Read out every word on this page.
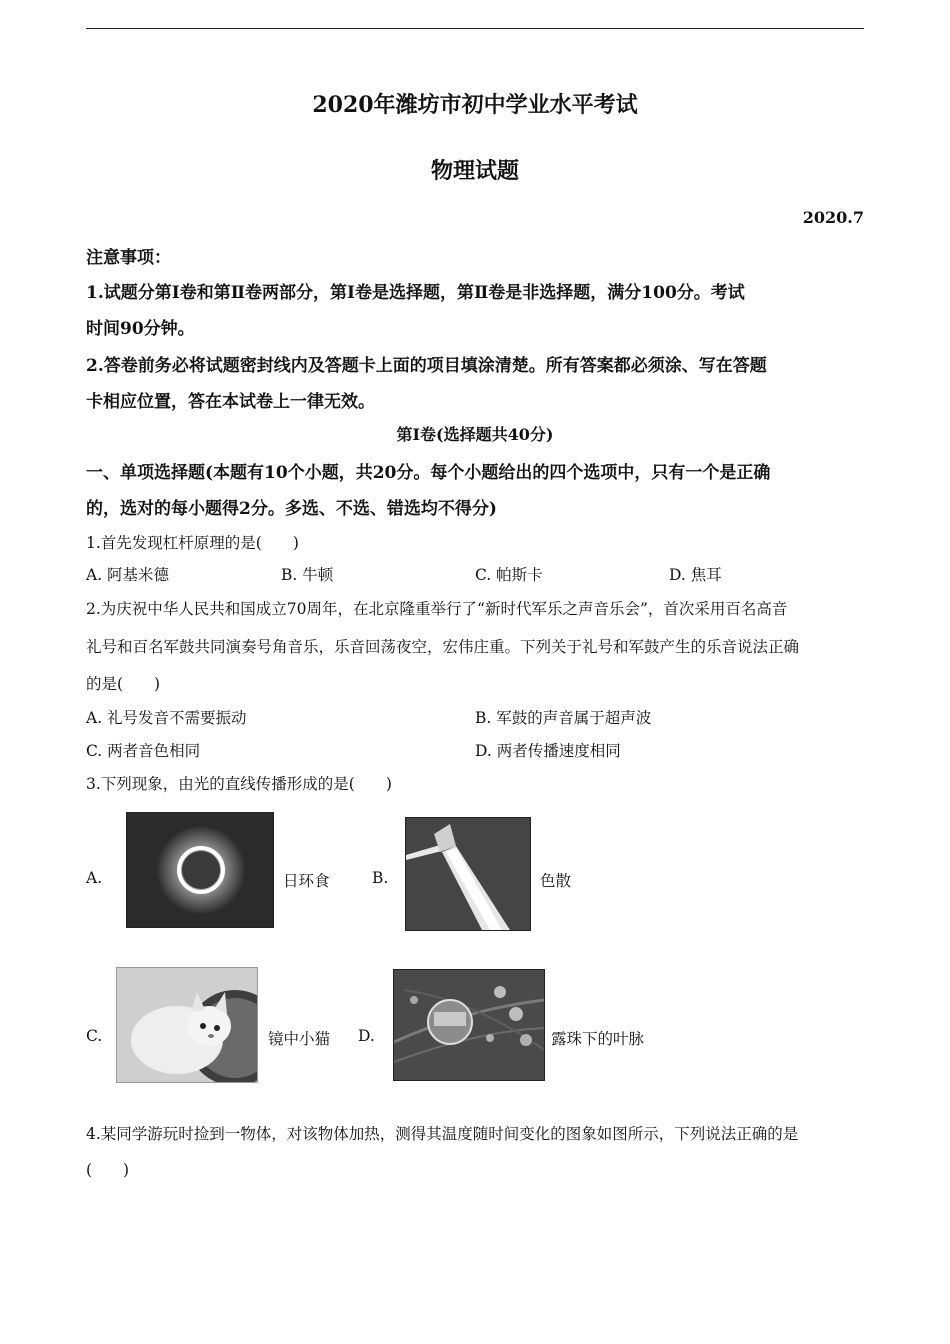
2020年潍坊市初中学业水平考试
物理试题
2020.7
注意事项：
1.试题分第Ⅰ卷和第Ⅱ卷两部分，第Ⅰ卷是选择题，第Ⅱ卷是非选择题，满分100分。考试
时间90分钟。
2.答卷前务必将试题密封线内及答题卡上面的项目填涂清楚。所有答案都必须涂、写在答题
卡相应位置，答在本试卷上一律无效。
第Ⅰ卷(选择题共40分)
一、单项选择题(本题有10个小题，共20分。每个小题给出的四个选项中，只有一个是正确
的，选对的每小题得2分。多选、不选、错选均不得分)
1.首先发现杠杆原理的是(　　)
A. 阿基米德	B. 牛顿	C. 帕斯卡	D. 焦耳
2.为庆祝中华人民共和国成立70周年，在北京隆重举行了“新时代军乐之声音乐会”，首次采用百名高音
礼号和百名军鼓共同演奏号角音乐，乐音回荡夜空，宏伟庄重。下列关于礼号和军鼓产生的乐音说法正确
的是(　　)
A. 礼号发音不需要振动	B. 军鼓的声音属于超声波
C. 两者音色相同	D. 两者传播速度相同
3.下列现象，由光的直线传播形成的是(　　)
A.	日环食	B.	色散
C.	镜中小猫 D.	露珠下的叶脉
4.某同学游玩时捡到一物体，对该物体加热，测得其温度随时间变化的图象如图所示，下列说法正确的是
(　　)
